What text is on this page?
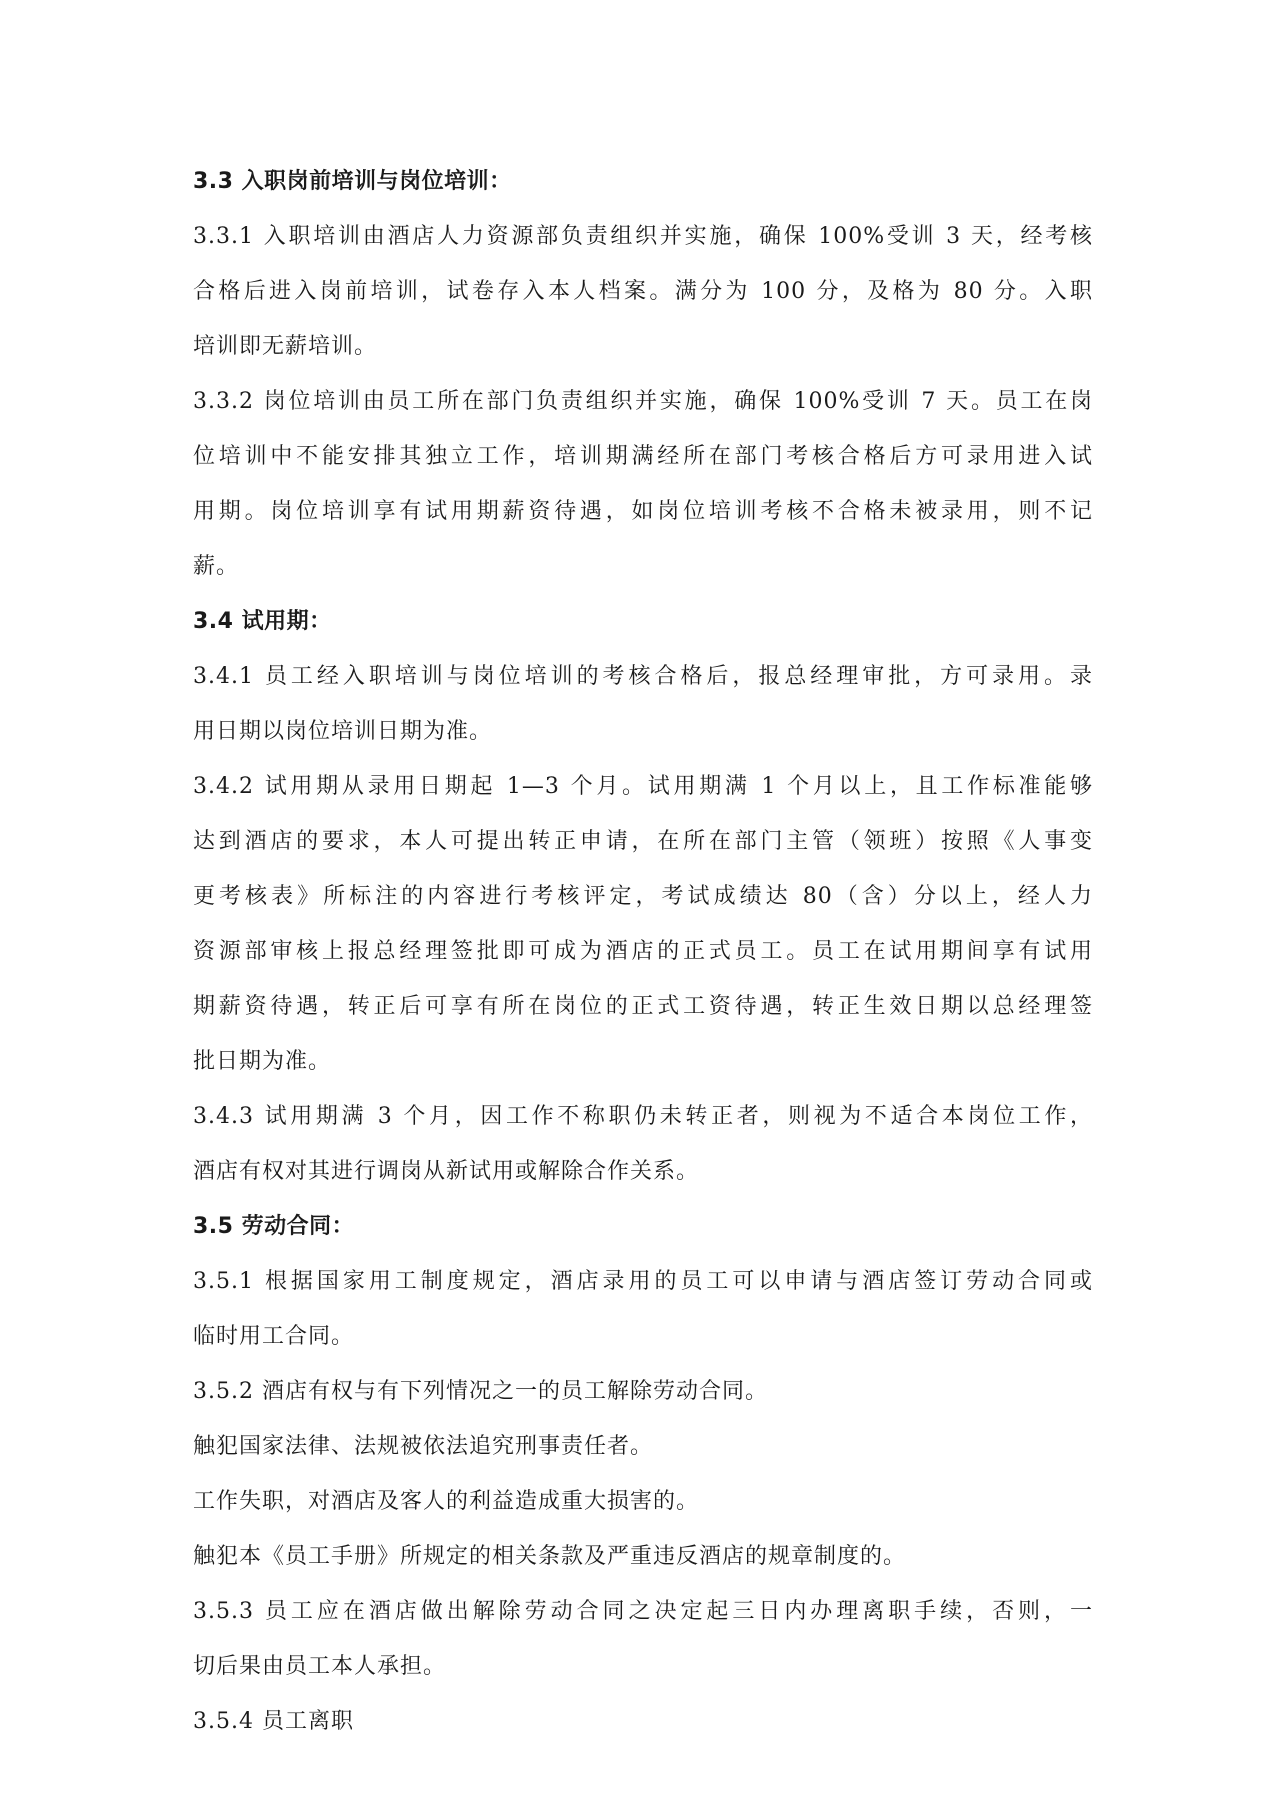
3.3 入职岗前培训与岗位培训：
3.3.1 入职培训由酒店人力资源部负责组织并实施，确保 100%受训 3 天，经考核
合格后进入岗前培训，试卷存入本人档案。满分为 100 分，及格为 80 分。入职
培训即无薪培训。
3.3.2 岗位培训由员工所在部门负责组织并实施，确保 100%受训 7 天。员工在岗
位培训中不能安排其独立工作，培训期满经所在部门考核合格后方可录用进入试
用期。岗位培训享有试用期薪资待遇，如岗位培训考核不合格未被录用，则不记
薪。
3.4 试用期：
3.4.1 员工经入职培训与岗位培训的考核合格后，报总经理审批，方可录用。录
用日期以岗位培训日期为准。
3.4.2 试用期从录用日期起 1—3 个月。试用期满 1 个月以上，且工作标准能够
达到酒店的要求，本人可提出转正申请，在所在部门主管（领班）按照《人事变
更考核表》所标注的内容进行考核评定，考试成绩达 80（含）分以上，经人力
资源部审核上报总经理签批即可成为酒店的正式员工。员工在试用期间享有试用
期薪资待遇，转正后可享有所在岗位的正式工资待遇，转正生效日期以总经理签
批日期为准。
3.4.3 试用期满 3 个月，因工作不称职仍未转正者，则视为不适合本岗位工作，
酒店有权对其进行调岗从新试用或解除合作关系。
3.5 劳动合同：
3.5.1 根据国家用工制度规定，酒店录用的员工可以申请与酒店签订劳动合同或
临时用工合同。
3.5.2 酒店有权与有下列情况之一的员工解除劳动合同。
触犯国家法律、法规被依法追究刑事责任者。
工作失职，对酒店及客人的利益造成重大损害的。
触犯本《员工手册》所规定的相关条款及严重违反酒店的规章制度的。
3.5.3 员工应在酒店做出解除劳动合同之决定起三日内办理离职手续，否则，一
切后果由员工本人承担。
3.5.4 员工离职
